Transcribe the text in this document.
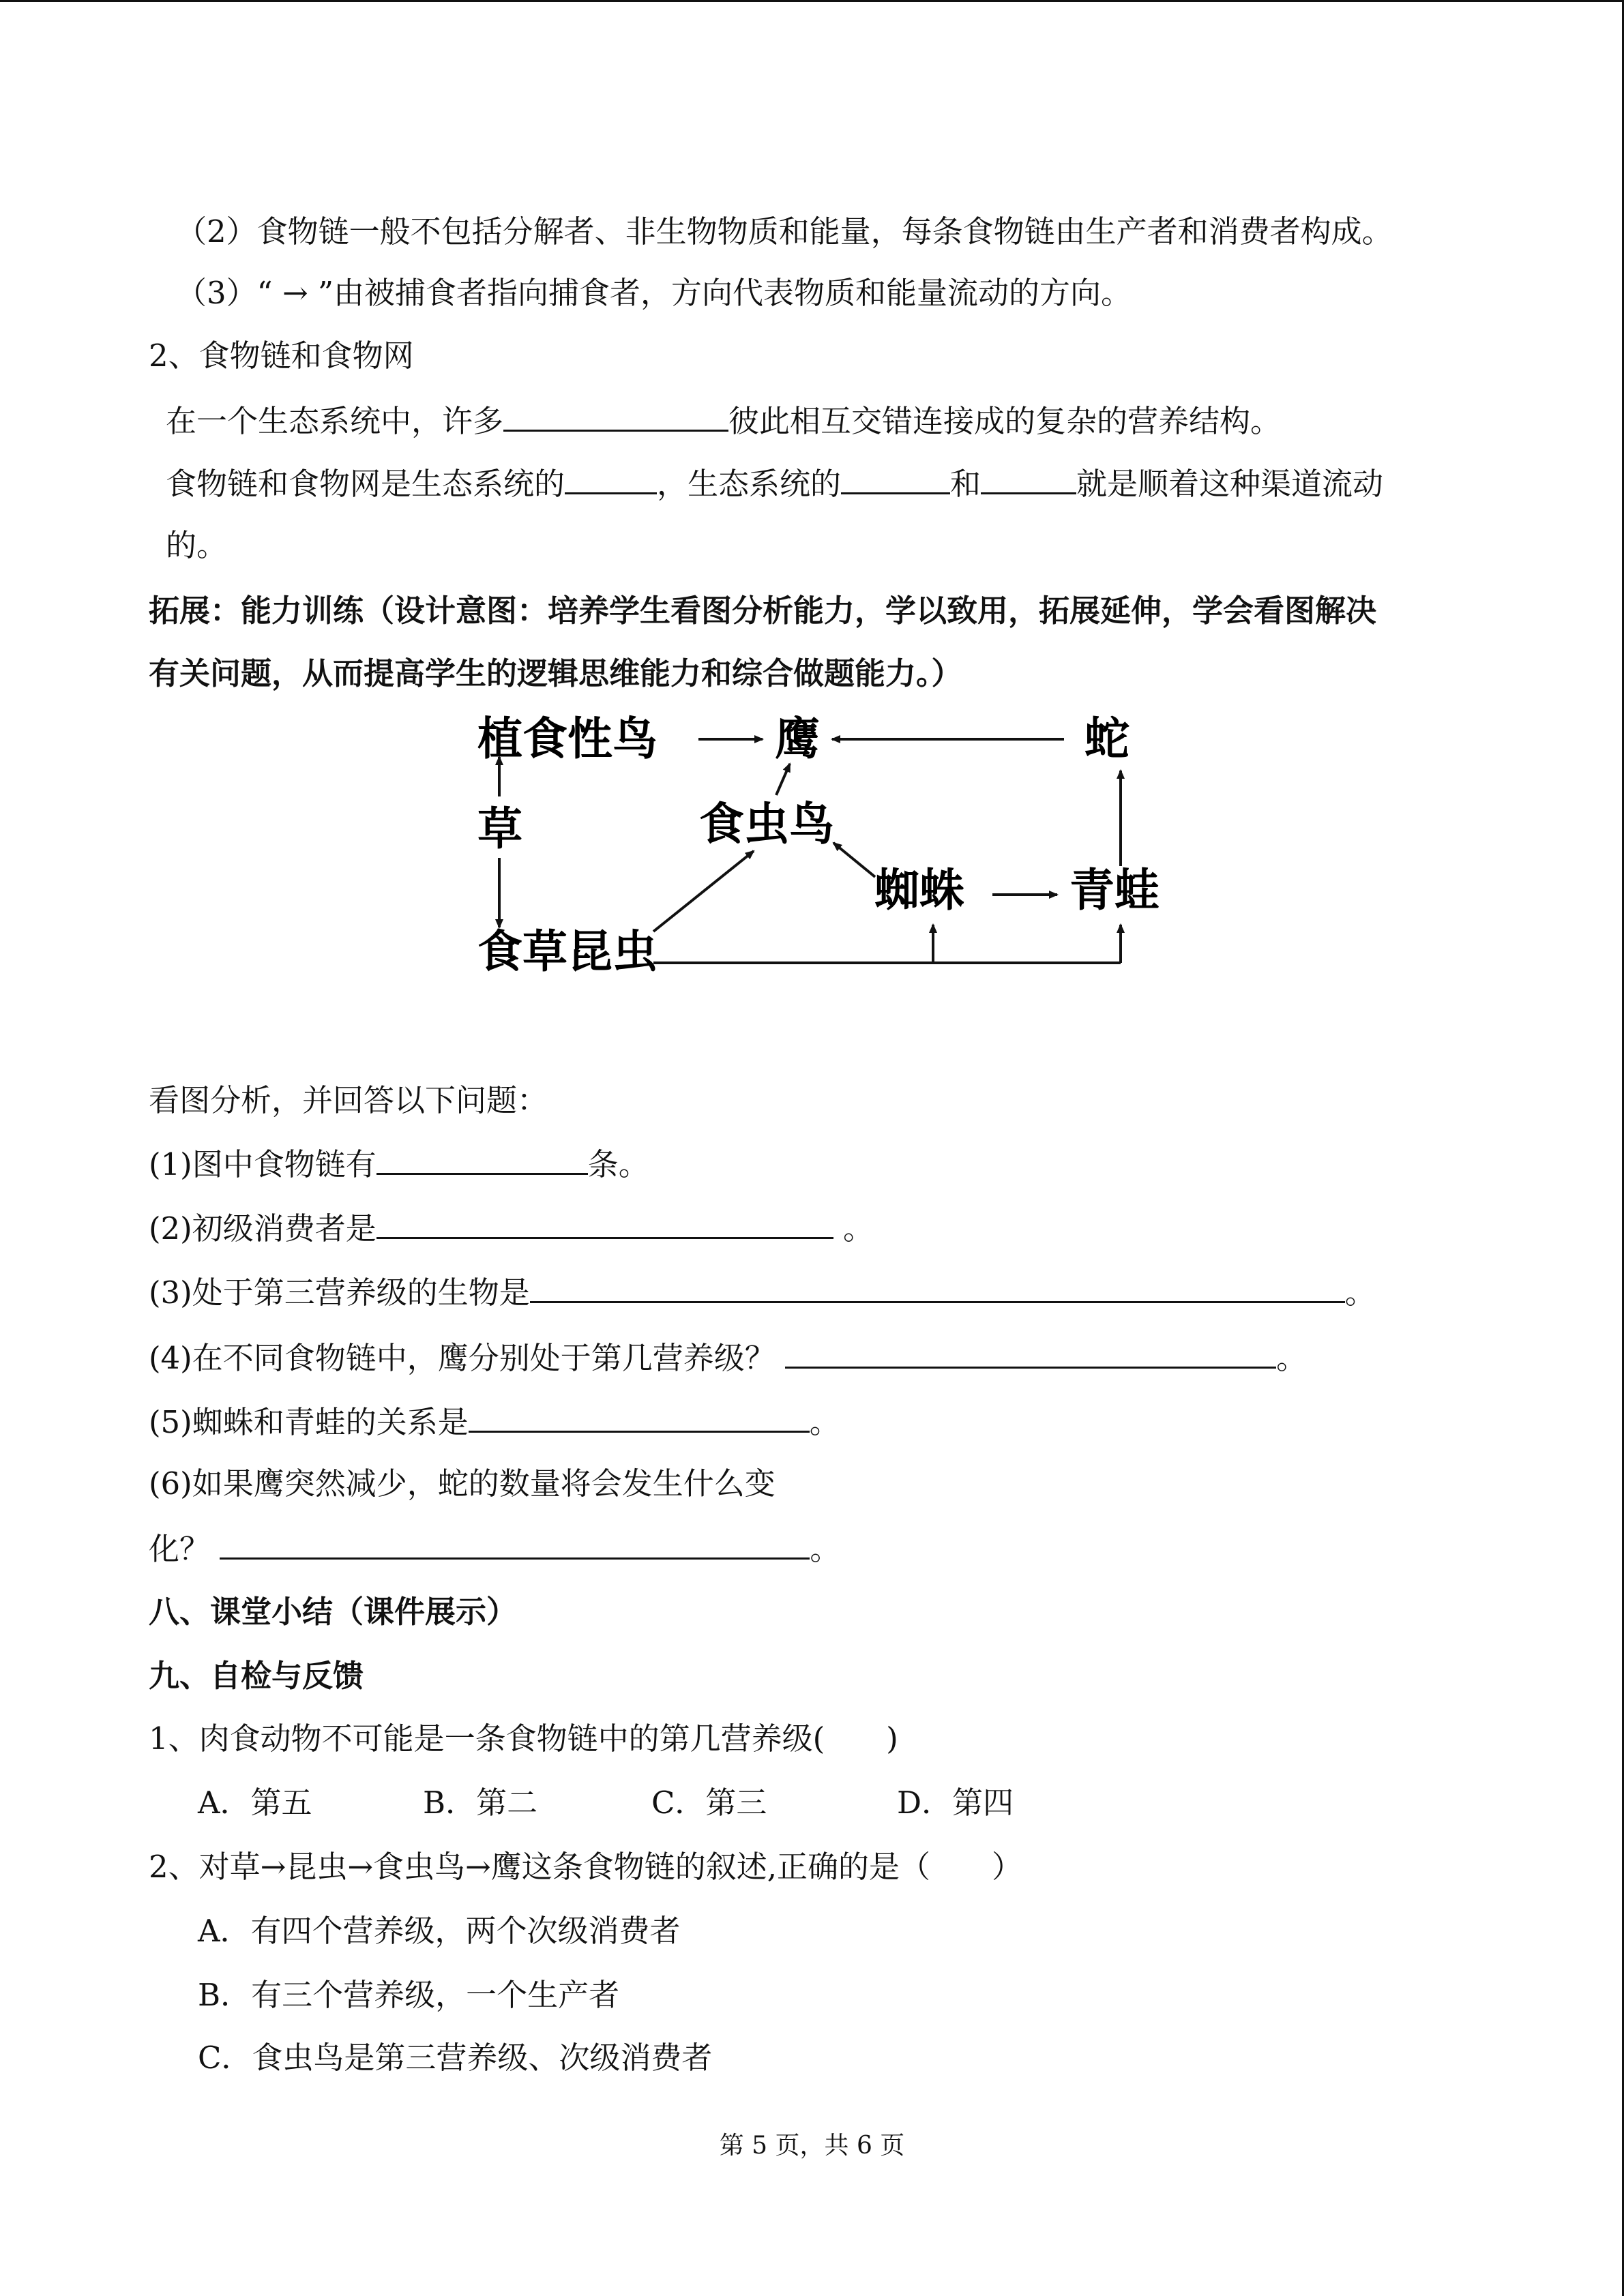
（2）食物链一般不包括分解者、非生物物质和能量，每条食物链由生产者和消费者构成。
（3）“ → ”由被捕食者指向捕食者，方向代表物质和能量流动的方向。
2、食物链和食物网
在一个生态系统中，许多	彼此相互交错连接成的复杂的营养结构。
食物链和食物网是生态系统的	，生态系统的	和	就是顺着这种渠道流动
的。
拓展：能力训练（设计意图：培养学生看图分析能力，学以致用，拓展延伸，学会看图解决
有关问题，从而提高学生的逻辑思维能力和综合做题能力。）
植食性鸟	鹰	蛇
草	食虫鸟
蜘蛛 青蛙
食草昆虫
看图分析，并回答以下问题：
(1)图中食物链有	条。
(2)初级消费者是	。
(3)处于第三营养级的生物是	。
(4)在不同食物链中，鹰分别处于第几营养级？	。
(5)蜘蛛和青蛙的关系是	。
(6)如果鹰突然减少，蛇的数量将会发生什么变
化？	。
八、课堂小结（课件展示）
九、自检与反馈
1、肉食动物不可能是一条食物链中的第几营养级(　　)
A．第五	B．第二	C．第三	D．第四
2、对草→昆虫→食虫鸟→鹰这条食物链的叙述,正确的是（　　）
A．有四个营养级，两个次级消费者
B．有三个营养级，一个生产者
C．食虫鸟是第三营养级、次级消费者
第 5 页，共 6 页
